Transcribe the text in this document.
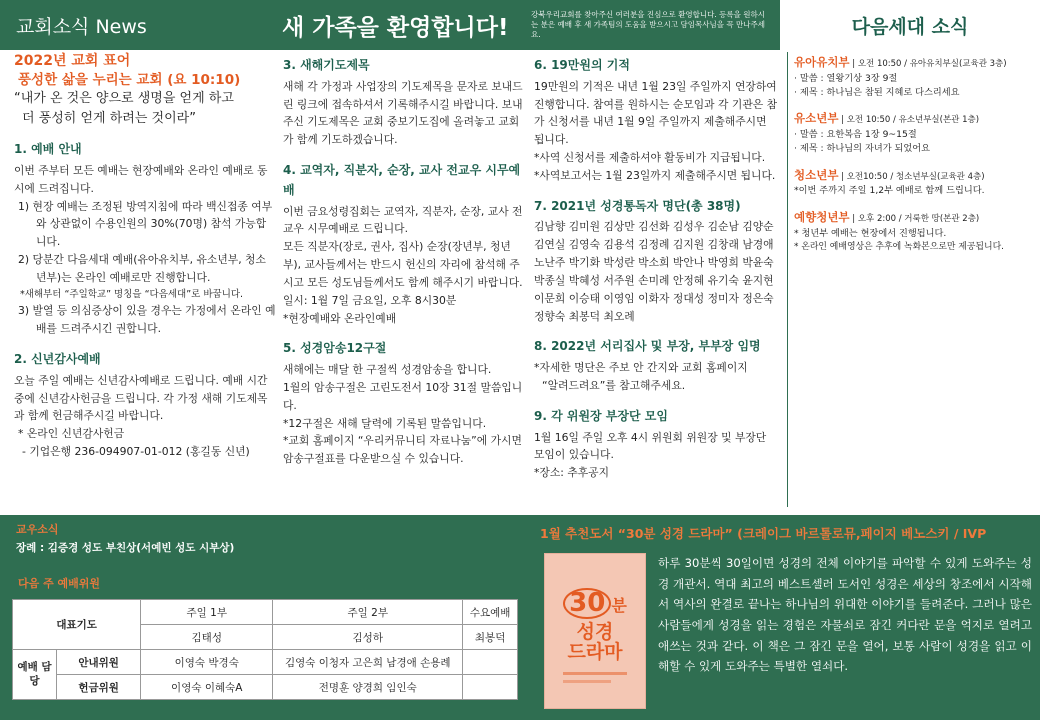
교회소식 News	새 가족을 환영합니다!
강북우리교회를 찾아주신 여러분을 진심으로 환영합니다. 등록을 원하시는 분은 예배 후 새 가족팀의 도움을 받으시고 담임목사님을 꼭 만나주세요.	다음세대 소식
2022년 교회 표어
풍성한 삶을 누리는 교회 (요 10:10)
“내가 온 것은 양으로 생명을 얻게 하고
더 풍성히 얻게 하려는 것이라”
1. 예배 안내

이번 주부터 모든 예배는 현장예배와 온라인 예배로 동시에 드려집니다.

1) 현장 예배는 조정된 방역지침에 따라 백신접종 여부와 상관없이 수용인원의 30%(70명) 참석 가능합니다.

2) 당분간 다음세대 예배(유아유치부, 유소년부, 청소년부)는 온라인 예배로만 진행합니다.

*새해부터 “주일학교” 명칭을 “다음세대”로 바꿉니다.

3) 발열 등 의심증상이 있을 경우는 가정에서 온라인 예배를 드려주시긴 권합니다.

2. 신년감사예배

오늘 주일 예배는 신년감사예배로 드립니다. 예배 시간 중에 신년감사헌금을 드립니다. 각 가정 새해 기도제목과 함께 헌금해주시길 바랍니다.

* 온라인 신년감사헌금

- 기업은행 236-094907-01-012 (홍길동 신년)

3. 새해기도제목

새해 각 가정과 사업장의 기도제목을 문자로 보내드린 링크에 접속하셔서 기록해주시길 바랍니다. 보내주신 기도제목은 교회 중보기도집에 올려놓고 교회가 함께 기도하겠습니다.

4. 교역자, 직분자, 순장, 교사 전교우 시무예배

이번 금요성령집회는 교역자, 직분자, 순장, 교사 전교우 시무예배로 드립니다.

모든 직분자(장로, 권사, 집사) 순장(장년부, 청년부), 교사들께서는 반드시 헌신의 자리에 참석해 주시고 모든 성도님들께서도 함께 해주시기 바랍니다.

일시: 1월 7일 금요일, 오후 8시30분

*현장예배와 온라인예배

5. 성경암송12구절

새해에는 매달 한 구절씩 성경암송을 합니다.

1월의 암송구절은 고린도전서 10장 31절 말씀입니다.

*12구절은 새해 달력에 기록된 말씀입니다.

*교회 홈페이지 “우리커뮤니티 자료나눔”에 가시면 암송구절표를 다운받으실 수 있습니다.

6. 19만원의 기적

19만원의 기적은 내년 1월 23일 주일까지 연장하여 진행합니다. 참여를 원하시는 순모임과 각 기관은 참가 신청서를 내년 1월 9일 주일까지 제출해주시면 됩니다.

*사역 신청서를 제출하셔야 활동비가 지급됩니다.

*사역보고서는 1월 23일까지 제출해주시면 됩니다.

7. 2021년 성경통독자 명단(총 38명)

김남향 김미원 김상만 김선화 김성우 김순남 김양순 김연실 김영숙 김용석 김정례 김지원 김창래 남경애 노난주 박기화 박성란 박소희 박안나 박영희 박윤숙 박종실 박혜성 서주원 손미례 안정혜 유기숙 윤지현 이문희 이승태 이영임 이화자 정대성 정미자 정은숙 정향숙 최봉덕 최오례

8. 2022년 서리집사 및 부장, 부부장 임명

*자세한 명단은 주보 안 간지와 교회 홈페이지

“알려드려요”를 참고해주세요.

9. 각 위원장 부장단 모임

1월 16일 주일 오후 4시 위원회 위원장 및 부장단 모임이 있습니다.

*장소: 추후공지

유아유치부 | 오전 10:50 / 유아유치부실(교육관 3층)

· 말씀 : 열왕기상 3장 9절

· 제목 : 하나님은 참된 지혜로 다스리세요

유소년부 | 오전 10:50 / 유소년부실(본관 1층)

· 말씀 : 요한복음 1장 9~15절

· 제목 : 하나님의 자녀가 되었어요

청소년부 | 오전10:50 / 청소년부실(교육관 4층)

*이번 주까지 주일 1,2부 예배로 함께 드립니다.

예향청년부 | 오후 2:00 / 거룩한 땅(본관 2층)

* 청년부 예배는 현장에서 진행됩니다.

* 온라인 예배영상은 추후에 녹화본으로만 제공됩니다.

교우소식
장례 : 김증경 성도 부친상(서예빈 성도 시부상)
다음 주 예배위원
대표기도		주일 1부	주일 2부	수요예배
		김태성	김성하	최봉덕
예배 담당	안내위원	이영숙 박경숙	김영숙 이청자 고은희 남경애 손용례	
	헌금위원	이영숙 이혜숙A	전명훈 양경희 임인숙	
1월 추천도서 “30분 성경 드라마” (크레이그 바르톨로뮤,페이지 베노스키 / IVP
30 분
성경
드라마
하루 30분씩 30일이면 성경의 전체 이야기를 파악할 수 있게 도와주는 성경 개관서. 역대 최고의 베스트셀러 도서인 성경은 세상의 창조에서 시작해서 역사의 완결로 끝나는 하나님의 위대한 이야기를 들려준다. 그러나 많은 사람들에게 성경을 읽는 경험은 자물쇠로 잠긴 커다란 문을 억지로 열려고 애쓰는 것과 같다. 이 책은 그 잠긴 문을 열어, 보통 사람이 성경을 읽고 이해할 수 있게 도와주는 특별한 열쇠다.
